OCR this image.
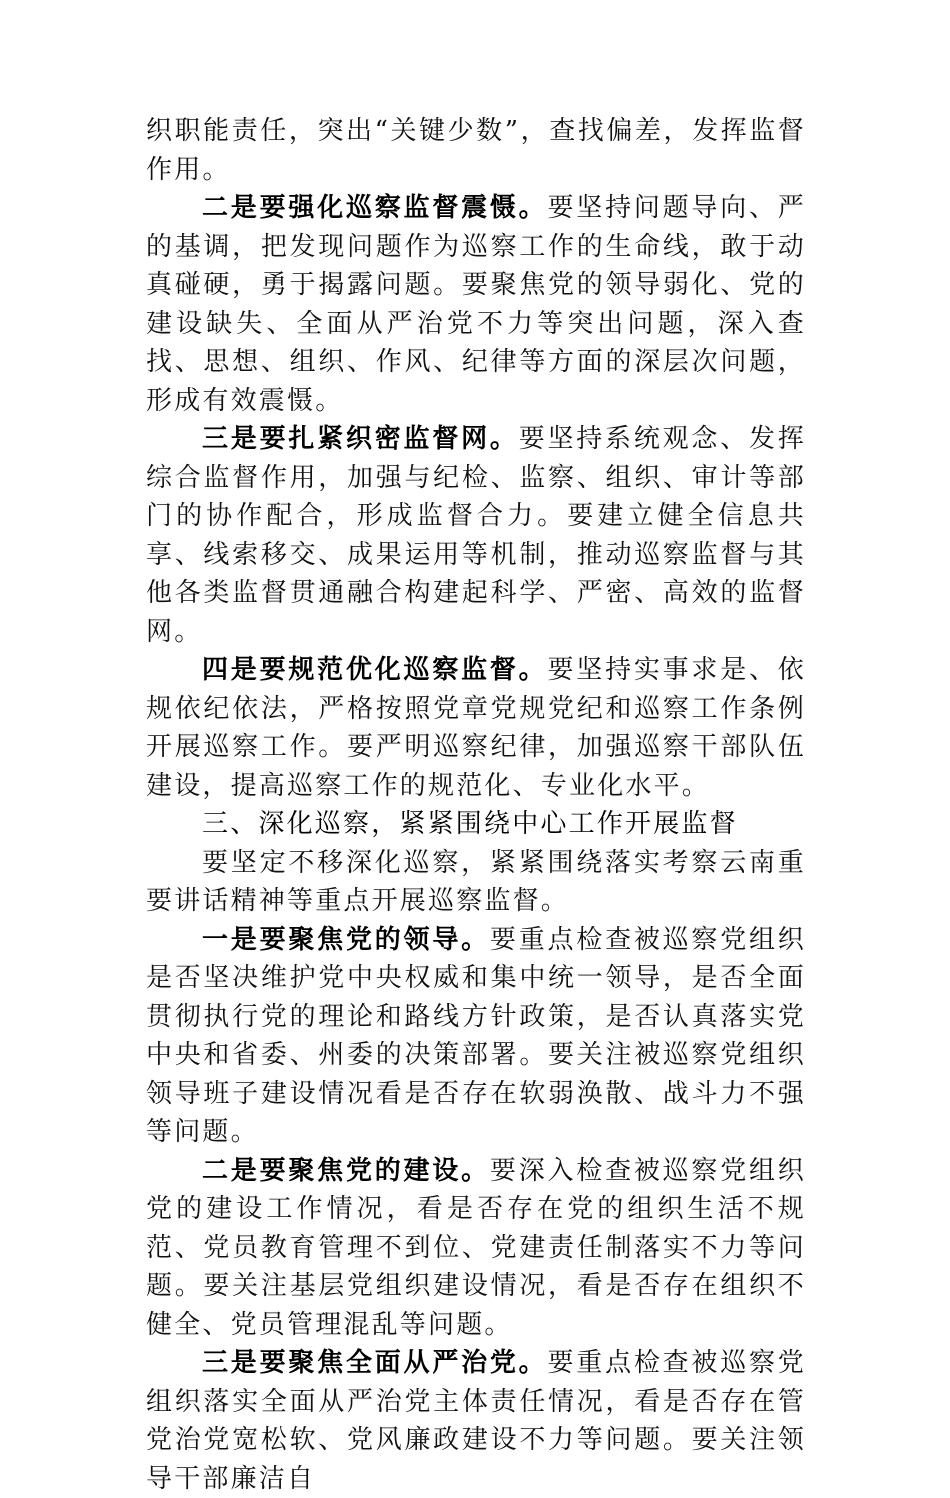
织职能责任，突出“关键少数”，查找偏差，发挥监督作用。

二是要强化巡察监督震慑。要坚持问题导向、严的基调，把发现问题作为巡察工作的生命线，敢于动真碰硬，勇于揭露问题。要聚焦党的领导弱化、党的建设缺失、全面从严治党不力等突出问题，深入查找、思想、组织、作风、纪律等方面的深层次问题，形成有效震慑。

三是要扎紧织密监督网。要坚持系统观念、发挥综合监督作用，加强与纪检、监察、组织、审计等部门的协作配合，形成监督合力。要建立健全信息共享、线索移交、成果运用等机制，推动巡察监督与其他各类监督贯通融合构建起科学、严密、高效的监督网。

四是要规范优化巡察监督。要坚持实事求是、依规依纪依法，严格按照党章党规党纪和巡察工作条例开展巡察工作。要严明巡察纪律，加强巡察干部队伍建设，提高巡察工作的规范化、专业化水平。

三、深化巡察，紧紧围绕中心工作开展监督

要坚定不移深化巡察，紧紧围绕落实考察云南重要讲话精神等重点开展巡察监督。

一是要聚焦党的领导。要重点检查被巡察党组织是否坚决维护党中央权威和集中统一领导，是否全面贯彻执行党的理论和路线方针政策，是否认真落实党中央和省委、州委的决策部署。要关注被巡察党组织领导班子建设情况看是否存在软弱涣散、战斗力不强等问题。

二是要聚焦党的建设。要深入检查被巡察党组织党的建设工作情况，看是否存在党的组织生活不规范、党员教育管理不到位、党建责任制落实不力等问题。要关注基层党组织建设情况，看是否存在组织不健全、党员管理混乱等问题。

三是要聚焦全面从严治党。要重点检查被巡察党组织落实全面从严治党主体责任情况，看是否存在管党治党宽松软、党风廉政建设不力等问题。要关注领导干部廉洁自
